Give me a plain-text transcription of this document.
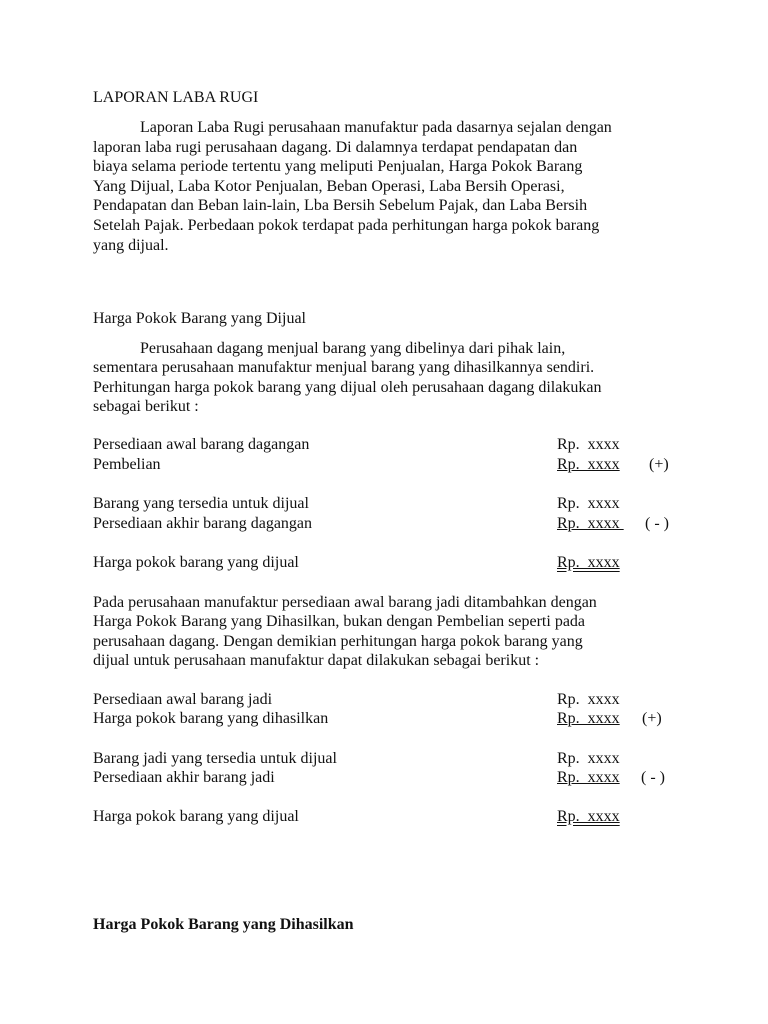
LAPORAN LABA RUGI
Laporan Laba Rugi perusahaan manufaktur pada dasarnya sejalan dengan
laporan laba rugi perusahaan dagang. Di dalamnya terdapat pendapatan dan
biaya selama periode tertentu yang meliputi Penjualan, Harga Pokok Barang
Yang Dijual, Laba Kotor Penjualan, Beban Operasi, Laba Bersih Operasi,
Pendapatan dan Beban lain-lain, Lba Bersih Sebelum Pajak, dan Laba Bersih
Setelah Pajak. Perbedaan pokok terdapat pada perhitungan harga pokok barang
yang dijual.
Harga Pokok Barang yang Dijual
Perusahaan dagang menjual barang yang dibelinya dari pihak lain,
sementara perusahaan manufaktur menjual barang yang dihasilkannya sendiri.
Perhitungan harga pokok barang yang dijual oleh perusahaan dagang dilakukan
sebagai berikut :
Persediaan awal barang dagangan	Rp.  xxxx
Pembelian	Rp.  xxxx (+)
Barang yang tersedia untuk dijual	Rp.  xxxx
Persediaan akhir barang dagangan	Rp.  xxxx ( - )
Harga pokok barang yang dijual	Rp.  xxxx
Pada perusahaan manufaktur persediaan awal barang jadi ditambahkan dengan
Harga Pokok Barang yang Dihasilkan, bukan dengan Pembelian seperti pada
perusahaan dagang. Dengan demikian perhitungan harga pokok barang yang
dijual untuk perusahaan manufaktur dapat dilakukan sebagai berikut :
Persediaan awal barang jadi	Rp.  xxxx
Harga pokok barang yang dihasilkan	Rp.  xxxx (+)
Barang jadi yang tersedia untuk dijual	Rp.  xxxx
Persediaan akhir barang jadi	Rp.  xxxx ( - )
Harga pokok barang yang dijual	Rp.  xxxx
Harga Pokok Barang yang Dihasilkan
